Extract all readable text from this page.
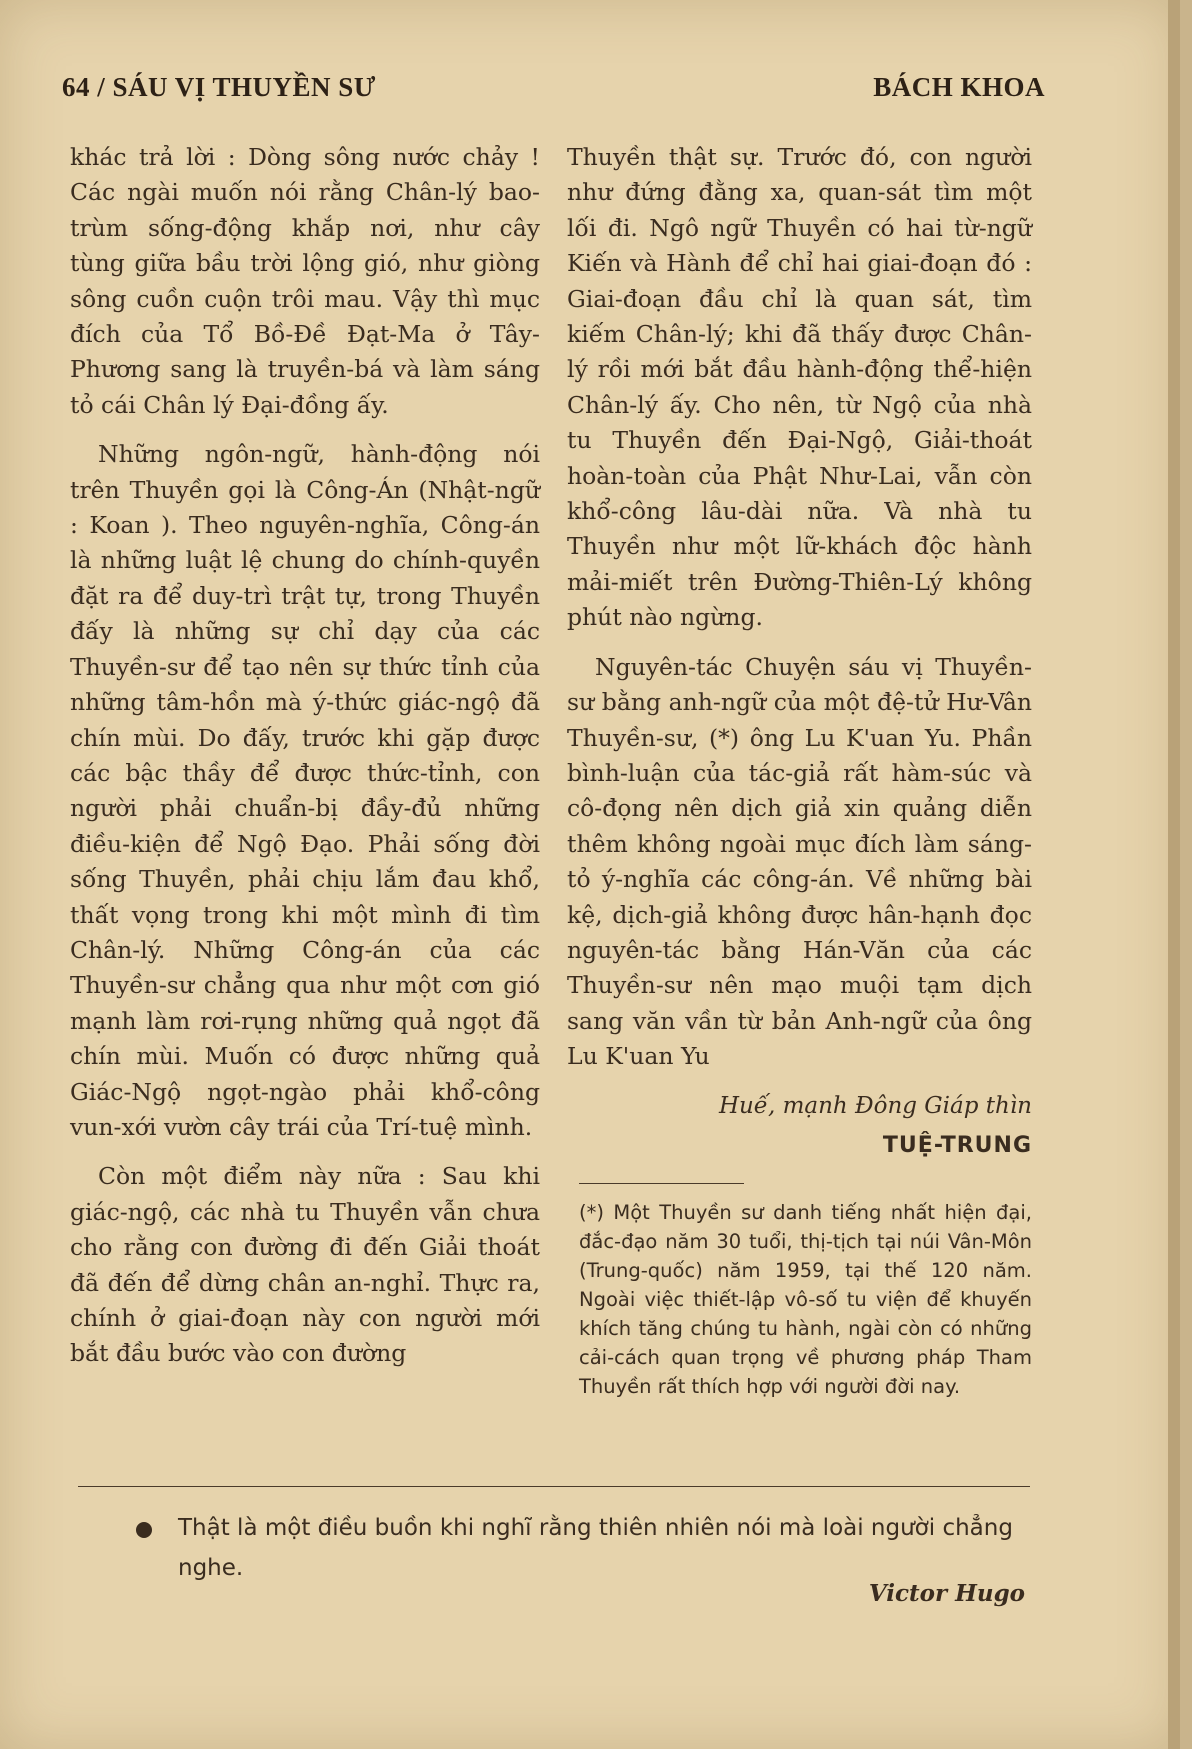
64 / SÁU VỊ THUYỀN SƯ	BÁCH KHOA

khác trả lời : Dòng sông nước chảy ! Các ngài muốn nói rằng Chân-lý bao-trùm sống-động khắp nơi, như cây tùng giữa bầu trời lộng gió, như giòng sông cuồn cuộn trôi mau. Vậy thì mục đích của Tổ Bồ-Đề Đạt-Ma ở Tây-Phương sang là truyền-bá và làm sáng tỏ cái Chân lý Đại-đồng ấy.

Những ngôn-ngữ, hành-động nói trên Thuyền gọi là Công-Án (Nhật-ngữ : Koan ). Theo nguyên-nghĩa, Công-án là những luật lệ chung do chính-quyền đặt ra để duy-trì trật tự, trong Thuyền đấy là những sự chỉ dạy của các Thuyền-sư để tạo nên sự thức tỉnh của những tâm-hồn mà ý-thức giác-ngộ đã chín mùi. Do đấy, trước khi gặp được các bậc thầy để được thức-tỉnh, con người phải chuẩn-bị đầy-đủ những điều-kiện để Ngộ Đạo. Phải sống đời sống Thuyền, phải chịu lắm đau khổ, thất vọng trong khi một mình đi tìm Chân-lý. Những Công-án của các Thuyền-sư chẳng qua như một cơn gió mạnh làm rơi-rụng những quả ngọt đã chín mùi. Muốn có được những quả Giác-Ngộ ngọt-ngào phải khổ-công vun-xới vườn cây trái của Trí-tuệ mình.

Còn một điểm này nữa : Sau khi giác-ngộ, các nhà tu Thuyền vẫn chưa cho rằng con đường đi đến Giải thoát đã đến để dừng chân an-nghỉ. Thực ra, chính ở giai-đoạn này con người mới bắt đầu bước vào con đường

Thuyền thật sự. Trước đó, con người như đứng đằng xa, quan-sát tìm một lối đi. Ngô ngữ Thuyền có hai từ-ngữ Kiến và Hành để chỉ hai giai-đoạn đó : Giai-đoạn đầu chỉ là quan sát, tìm kiếm Chân-lý; khi đã thấy được Chân-lý rồi mới bắt đầu hành-động thể-hiện Chân-lý ấy. Cho nên, từ Ngộ của nhà tu Thuyền đến Đại-Ngộ, Giải-thoát hoàn-toàn của Phật Như-Lai, vẫn còn khổ-công lâu-dài nữa. Và nhà tu Thuyền như một lữ-khách độc hành mải-miết trên Đường-Thiên-Lý không phút nào ngừng.

Nguyên-tác Chuyện sáu vị Thuyền-sư bằng anh-ngữ của một đệ-tử Hư-Vân Thuyền-sư, (*) ông Lu K'uan Yu. Phần bình-luận của tác-giả rất hàm-súc và cô-đọng nên dịch giả xin quảng diễn thêm không ngoài mục đích làm sáng-tỏ ý-nghĩa các công-án. Về những bài kệ, dịch-giả không được hân-hạnh đọc nguyên-tác bằng Hán-Văn của các Thuyền-sư nên mạo muội tạm dịch sang văn vần từ bản Anh-ngữ của ông Lu K'uan Yu

Huế, mạnh Đông Giáp thìn
TUỆ-TRUNG
(*) Một Thuyền sư danh tiếng nhất hiện đại, đắc-đạo năm 30 tuổi, thị-tịch tại núi Vân-Môn (Trung-quốc) năm 1959, tại thế 120 năm. Ngoài việc thiết-lập vô-số tu viện để khuyến khích tăng chúng tu hành, ngài còn có những cải-cách quan trọng về phương pháp Tham Thuyền rất thích hợp với người đời nay.
Thật là một điều buồn khi nghĩ rằng thiên nhiên nói mà loài người chẳng nghe.
Victor Hugo
